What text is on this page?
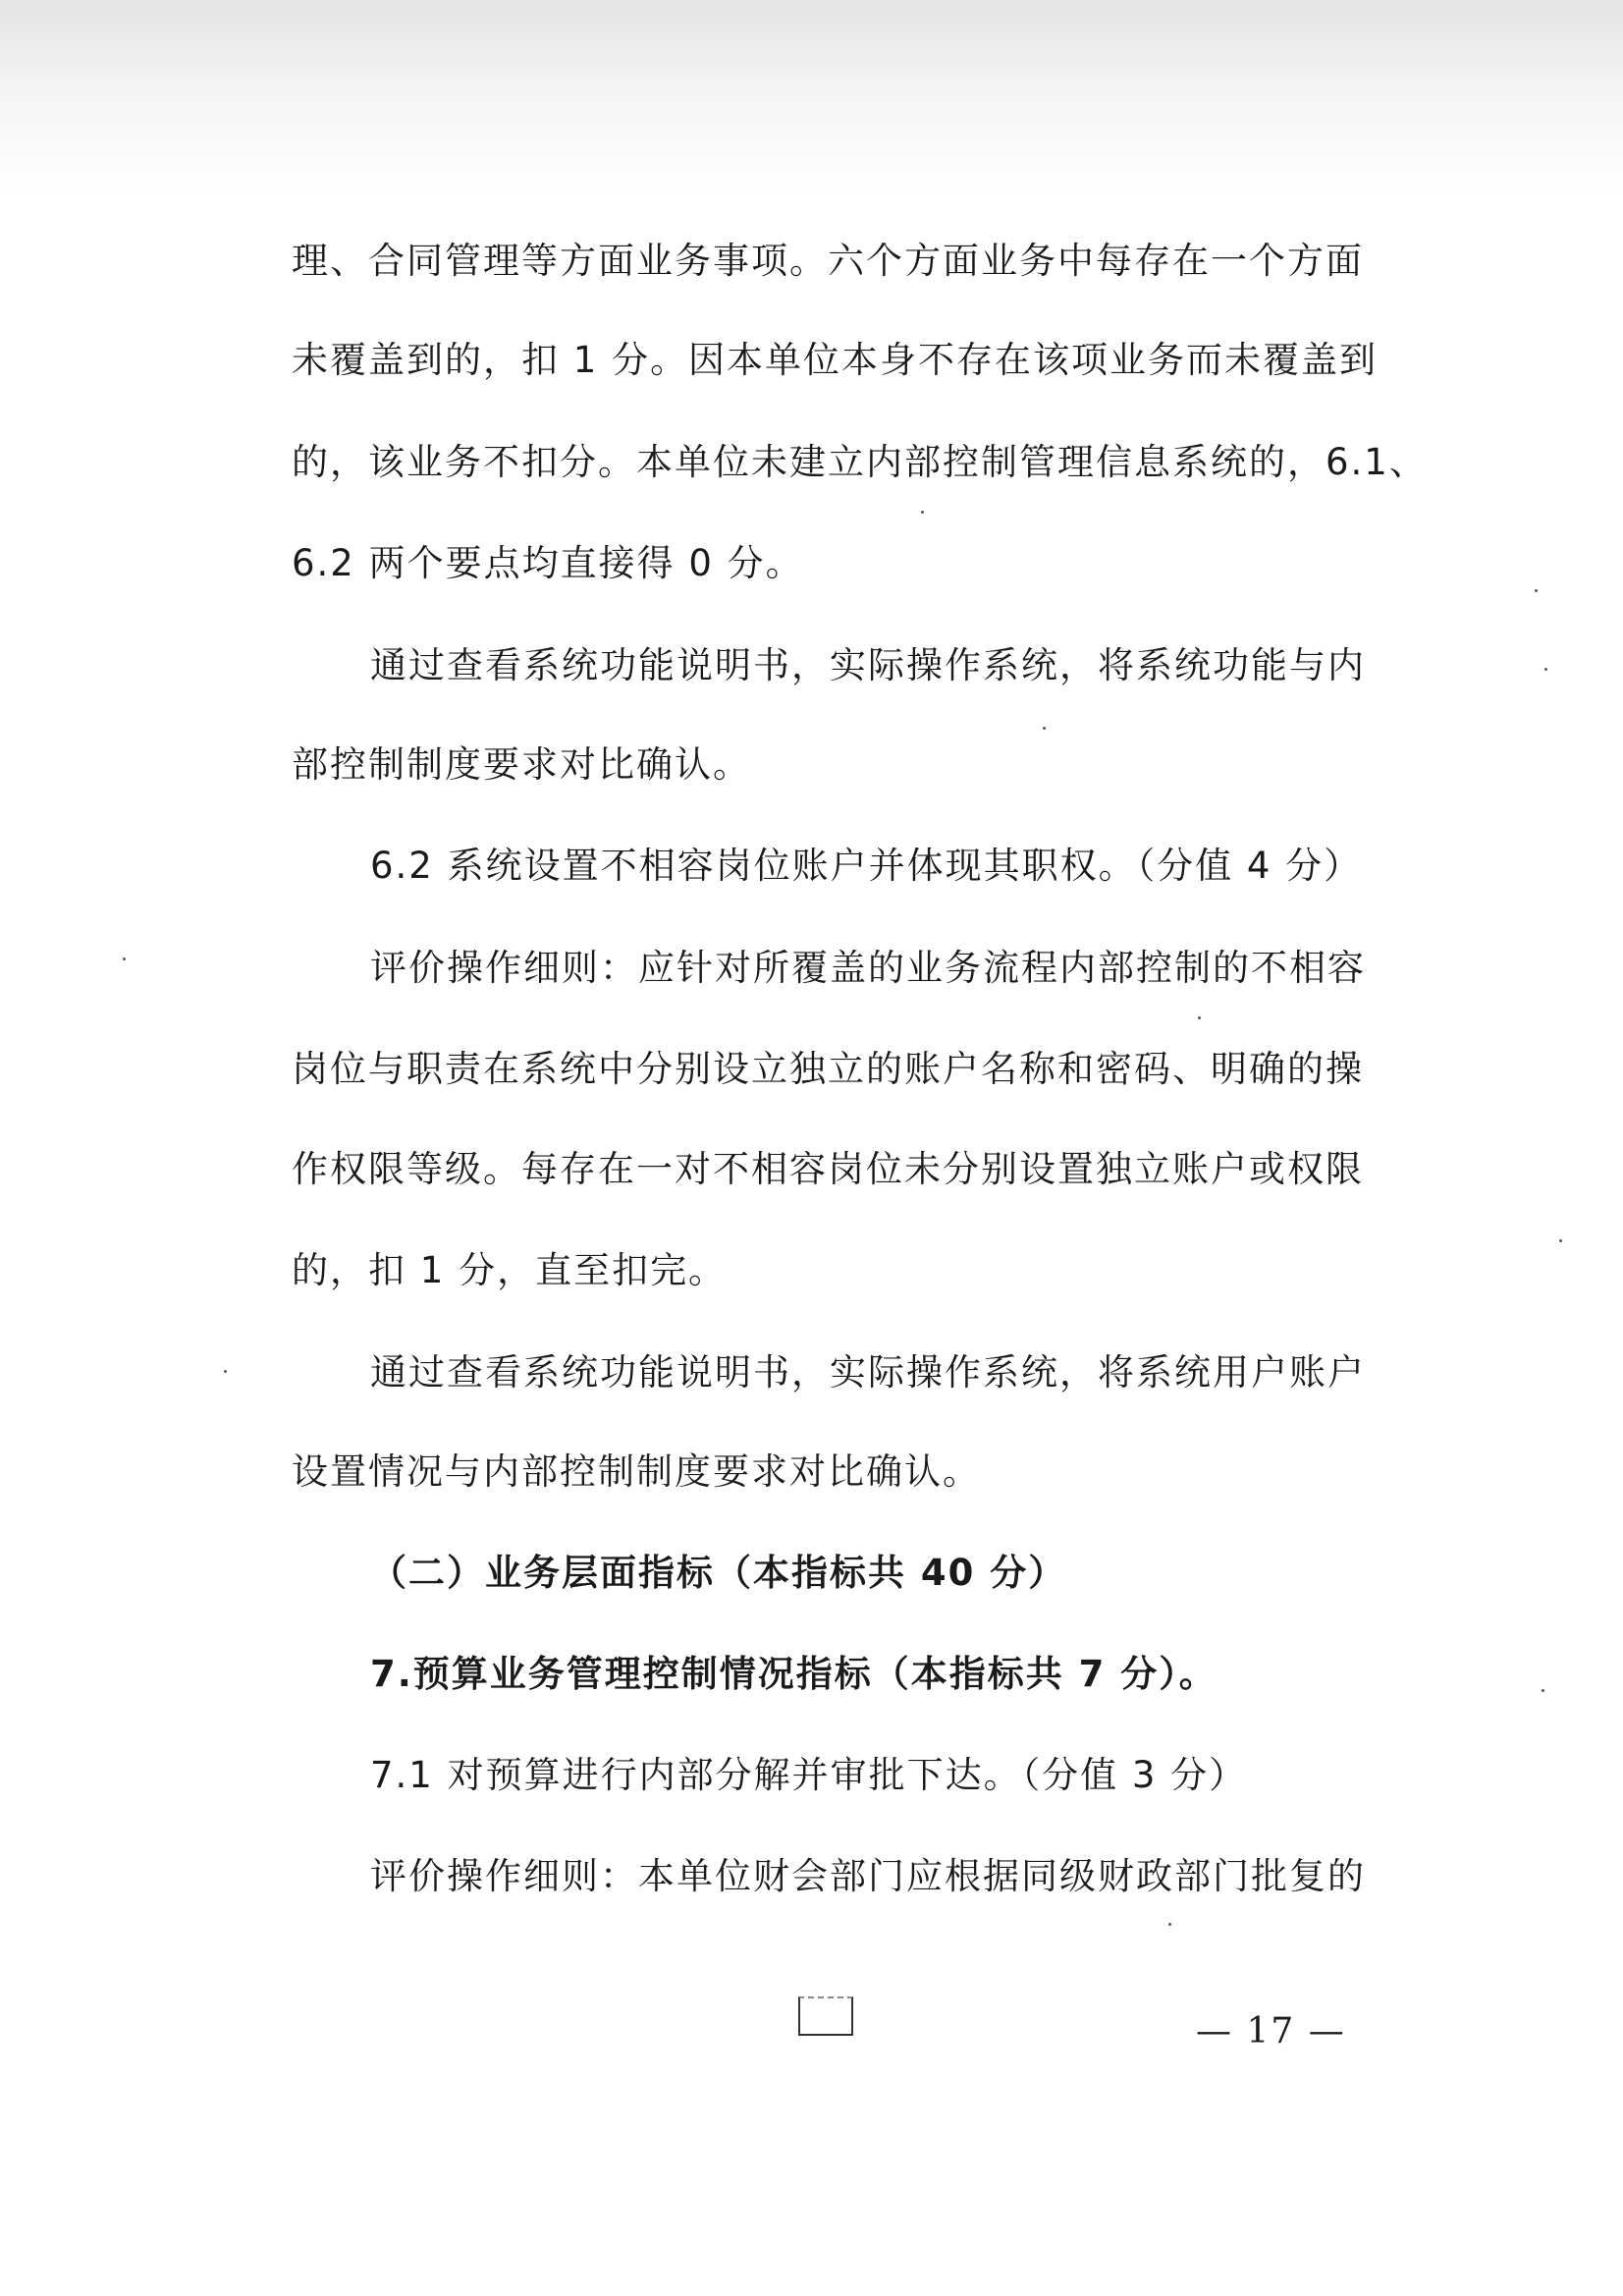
理、合同管理等方面业务事项。六个方面业务中每存在一个方面
未覆盖到的，扣 1 分。因本单位本身不存在该项业务而未覆盖到
的，该业务不扣分。本单位未建立内部控制管理信息系统的，6.1、
6.2 两个要点均直接得 0 分。
通过查看系统功能说明书，实际操作系统，将系统功能与内
部控制制度要求对比确认。
6.2 系统设置不相容岗位账户并体现其职权。（分值 4 分）
评价操作细则：应针对所覆盖的业务流程内部控制的不相容
岗位与职责在系统中分别设立独立的账户名称和密码、明确的操
作权限等级。每存在一对不相容岗位未分别设置独立账户或权限
的，扣 1 分，直至扣完。
通过查看系统功能说明书，实际操作系统，将系统用户账户
设置情况与内部控制制度要求对比确认。
（二）业务层面指标（本指标共 40 分）
7.预算业务管理控制情况指标（本指标共 7 分）。
7.1 对预算进行内部分解并审批下达。（分值 3 分）
评价操作细则：本单位财会部门应根据同级财政部门批复的
— 17 —
